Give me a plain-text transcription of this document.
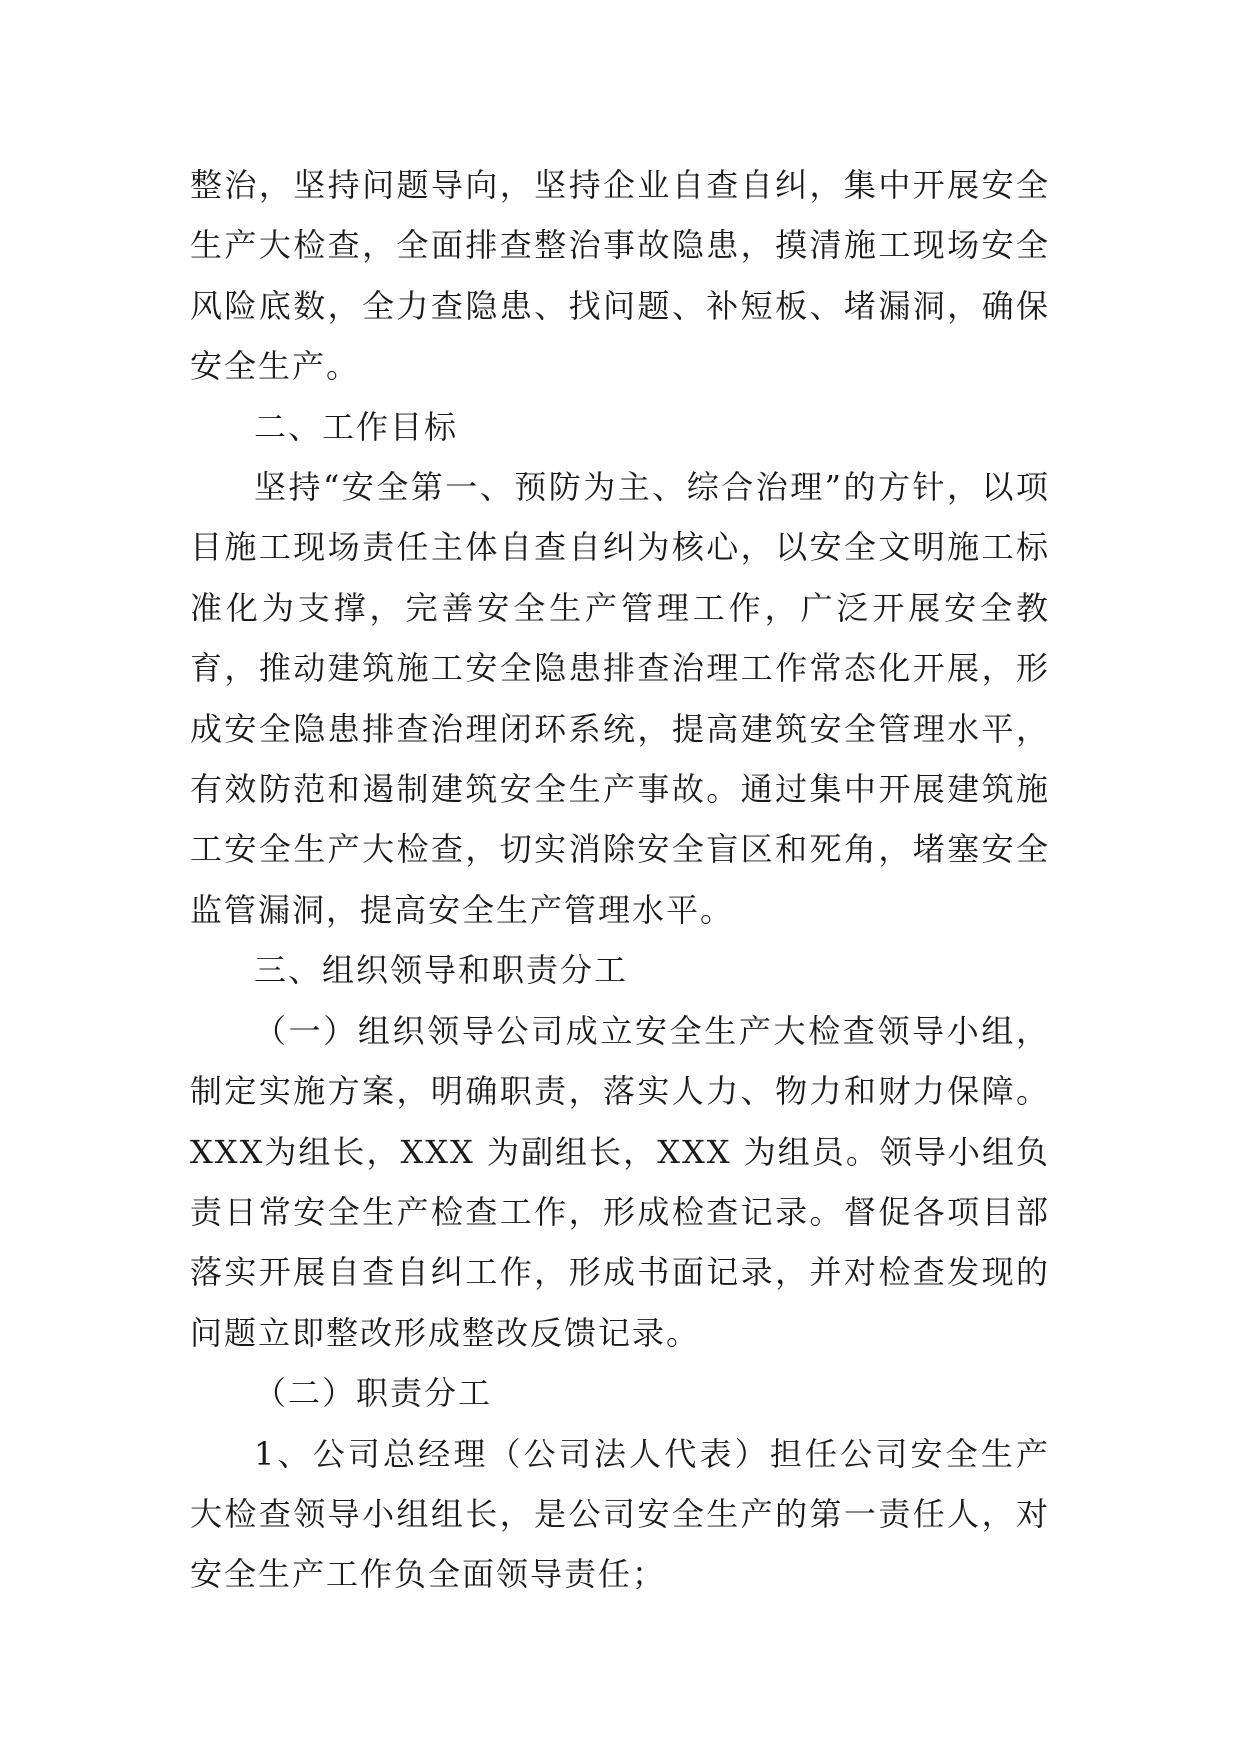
整治，坚持问题导向，坚持企业自查自纠，集中开展安全生产大检查，全面排查整治事故隐患，摸清施工现场安全风险底数，全力查隐患、找问题、补短板、堵漏洞，确保安全生产。

二、工作目标

坚持“安全第一、预防为主、综合治理”的方针，以项目施工现场责任主体自查自纠为核心，以安全文明施工标准化为支撑，完善安全生产管理工作，广泛开展安全教育，推动建筑施工安全隐患排查治理工作常态化开展，形成安全隐患排查治理闭环系统，提高建筑安全管理水平，有效防范和遏制建筑安全生产事故。通过集中开展建筑施工安全生产大检查，切实消除安全盲区和死角，堵塞安全监管漏洞，提高安全生产管理水平。

三、组织领导和职责分工

（一）组织领导公司成立安全生产大检查领导小组，制定实施方案，明确职责，落实人力、物力和财力保障。XXX为组长，XXX 为副组长，XXX 为组员。领导小组负责日常安全生产检查工作，形成检查记录。督促各项目部落实开展自查自纠工作，形成书面记录，并对检查发现的问题立即整改形成整改反馈记录。

（二）职责分工

1、公司总经理（公司法人代表）担任公司安全生产大检查领导小组组长，是公司安全生产的第一责任人，对安全生产工作负全面领导责任；
